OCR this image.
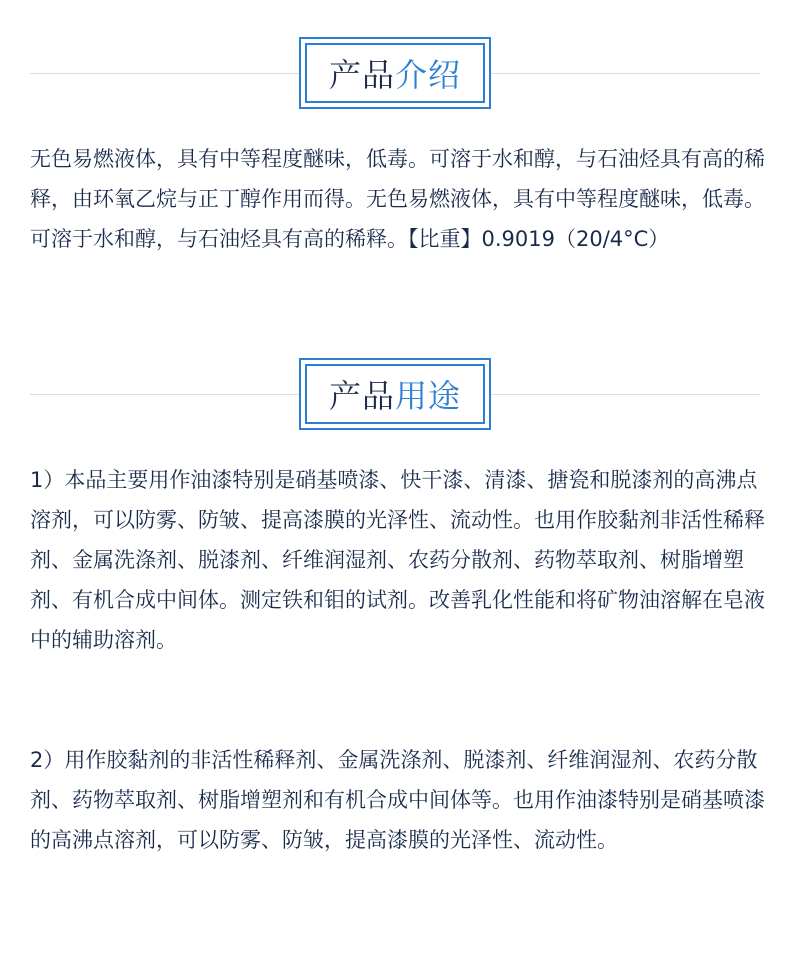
产品 介绍

无色易燃液体，具有中等程度醚味，低毒。可溶于水和醇，与石油烃具有高的稀释，由环氧乙烷与正丁醇作用而得。无色易燃液体，具有中等程度醚味，低毒。可溶于水和醇，与石油烃具有高的稀释。【比重】0.9019（20/4°C）

产品 用途

1）本品主要用作油漆特别是硝基喷漆、快干漆、清漆、搪瓷和脱漆剂的高沸点溶剂，可以防雾、防皱、提高漆膜的光泽性、流动性。也用作胶黏剂非活性稀释剂、金属洗涤剂、脱漆剂、纤维润湿剂、农药分散剂、药物萃取剂、树脂增塑剂、有机合成中间体。测定铁和钼的试剂。改善乳化性能和将矿物油溶解在皂液中的辅助溶剂。

2）用作胶黏剂的非活性稀释剂、金属洗涤剂、脱漆剂、纤维润湿剂、农药分散剂、药物萃取剂、树脂增塑剂和有机合成中间体等。也用作油漆特别是硝基喷漆的高沸点溶剂，可以防雾、防皱，提高漆膜的光泽性、流动性。
